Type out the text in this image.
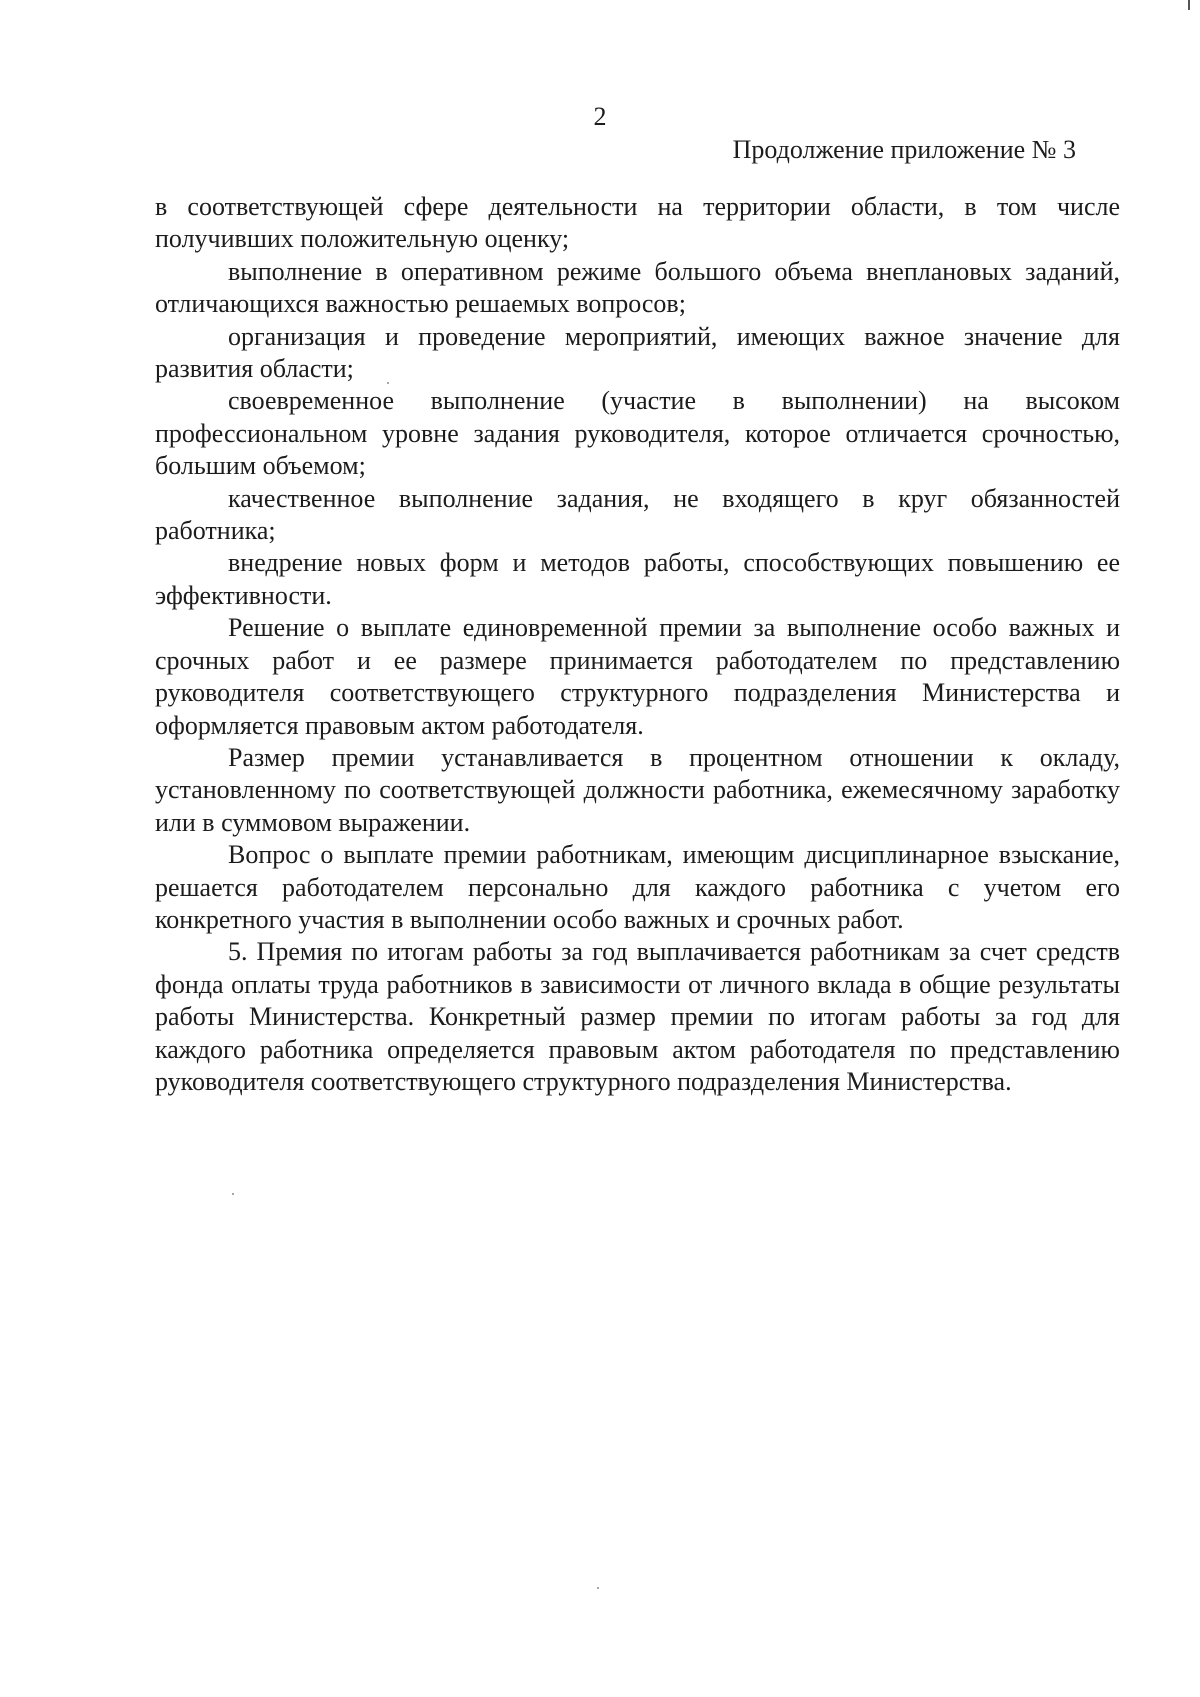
2
Продолжение приложение № 3

в соответствующей сфере деятельности на территории области, в том числе получивших положительную оценку;

выполнение в оперативном режиме большого объема внеплановых заданий, отличающихся важностью решаемых вопросов;

организация и проведение мероприятий, имеющих важное значение для развития области;

своевременное выполнение (участие в выполнении) на высоком профессиональном уровне задания руководителя, которое отличается срочностью, большим объемом;

качественное выполнение задания, не входящего в круг обязанностей работника;

внедрение новых форм и методов работы, способствующих повышению ее эффективности.

Решение о выплате единовременной премии за выполнение особо важных и срочных работ и ее размере принимается работодателем по представлению руководителя соответствующего структурного подразделения Министерства и оформляется правовым актом работодателя.

Размер премии устанавливается в процентном отношении к окладу, установленному по соответствующей должности работника, ежемесячному заработку или в суммовом выражении.

Вопрос о выплате премии работникам, имеющим дисциплинарное взыскание, решается работодателем персонально для каждого работника с учетом его конкретного участия в выполнении особо важных и срочных работ.

5. Премия по итогам работы за год выплачивается работникам за счет средств фонда оплаты труда работников в зависимости от личного вклада в общие результаты работы Министерства. Конкретный размер премии по итогам работы за год для каждого работника определяется правовым актом работодателя по представлению руководителя соответствующего структурного подразделения Министерства.
